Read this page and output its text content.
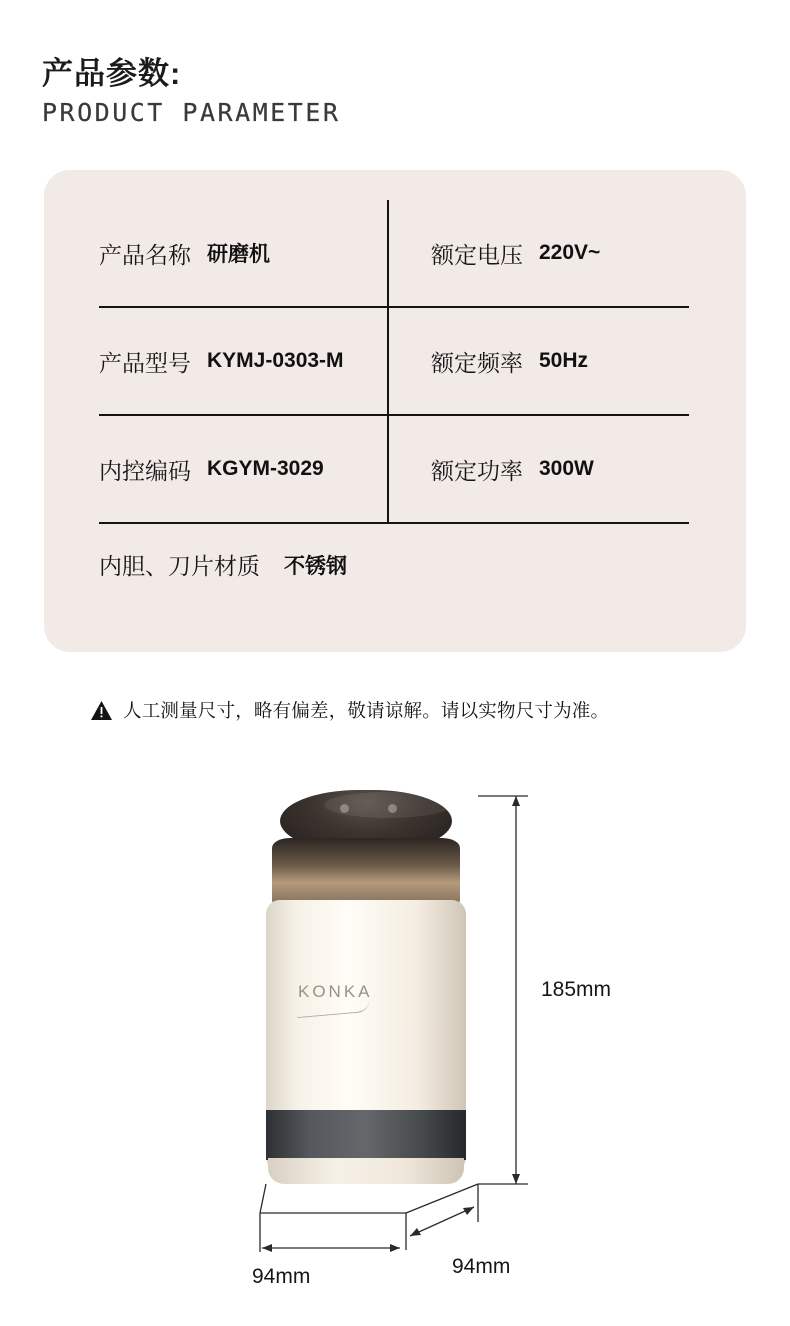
产品参数:
PRODUCT PARAMETER
产品名称 研磨机	额定电压 220V~
产品型号 KYMJ-0303-M	额定频率 50Hz
内控编码 KGYM-3029	额定功率 300W
内胆、刀片材质 不锈钢
人工测量尺寸，略有偏差，敬请谅解。请以实物尺寸为准。
KONKA	185mm
94mm	94mm
